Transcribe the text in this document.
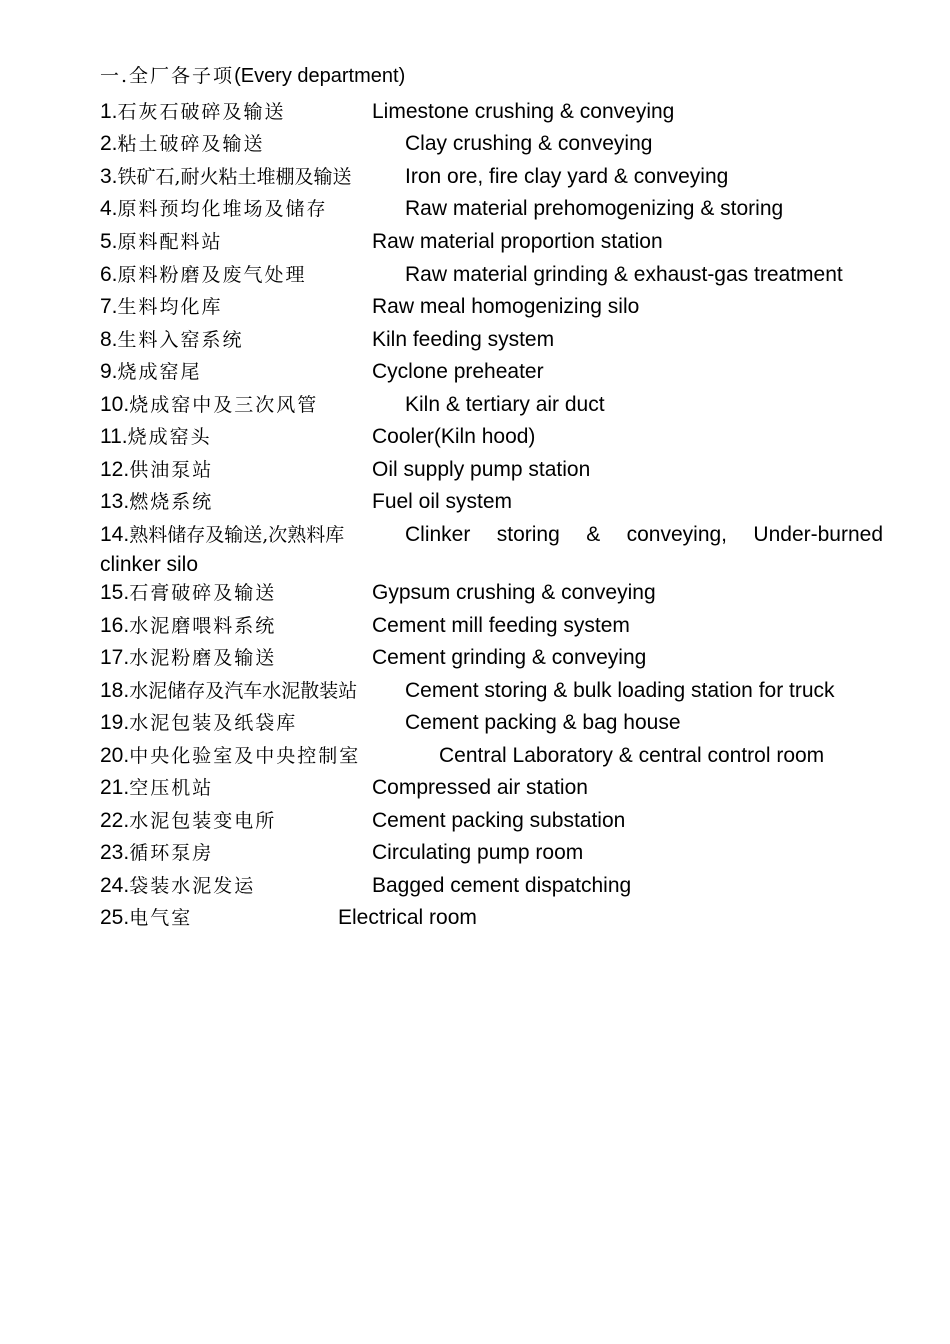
一.全厂各子项(Every department)
1.石灰石破碎及输送	Limestone crushing & conveying
2.粘土破碎及输送	Clay crushing & conveying
3.铁矿石,耐火粘土堆棚及输送	Iron ore, fire clay yard & conveying
4.原料预均化堆场及储存	Raw material prehomogenizing & storing
5.原料配料站	Raw material proportion station
6.原料粉磨及废气处理	Raw material grinding & exhaust-gas treatment
7.生料均化库	Raw meal homogenizing silo
8.生料入窑系统	Kiln feeding system
9.烧成窑尾	Cyclone preheater
10.烧成窑中及三次风管	Kiln & tertiary air duct
11.烧成窑头	Cooler(Kiln hood)
12.供油泵站	Oil supply pump station
13.燃烧系统	Fuel oil system
14.熟料储存及输送,次熟料库	Clinker storing & conveying, Under-burned
clinker silo
15.石膏破碎及输送	Gypsum crushing & conveying
16.水泥磨喂料系统	Cement mill feeding system
17.水泥粉磨及输送	Cement grinding & conveying
18.水泥储存及汽车水泥散装站 Cement storing & bulk loading station for truck
19.水泥包装及纸袋库	Cement packing & bag house
20.中央化验室及中央控制室	Central Laboratory & central control room
21.空压机站	Compressed air station
22.水泥包装变电所	Cement packing substation
23.循环泵房	Circulating pump room
24.袋装水泥发运	Bagged cement dispatching
25.电气室	Electrical room
